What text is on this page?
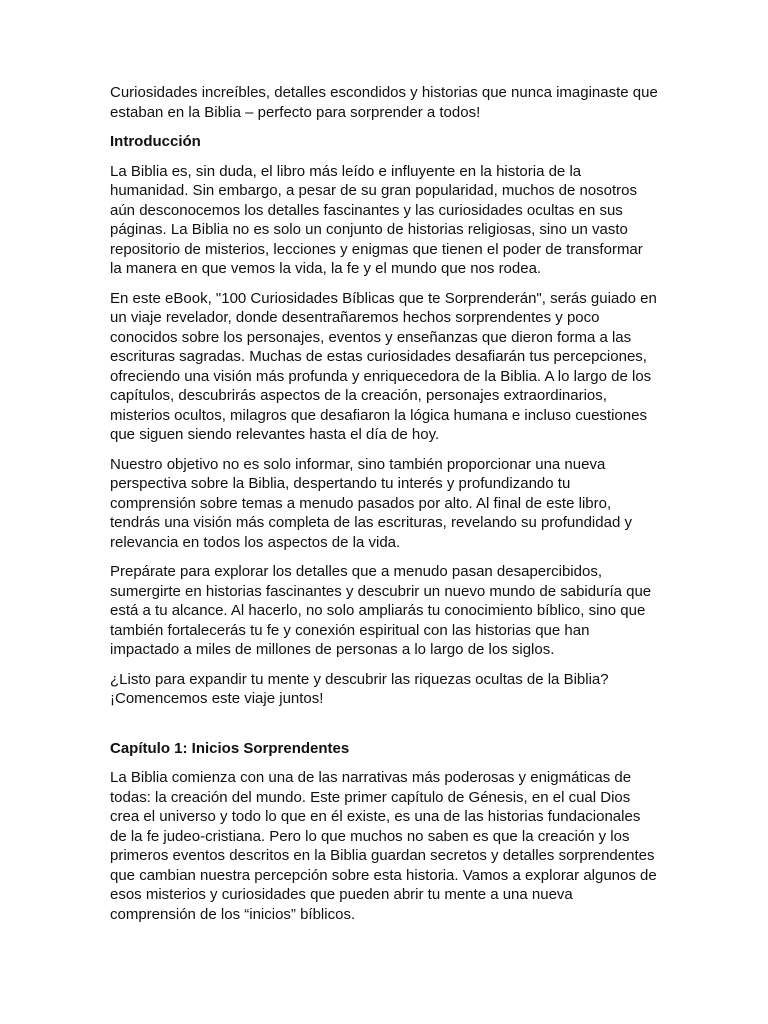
Curiosidades increíbles, detalles escondidos y historias que nunca imaginaste que estaban en la Biblia – perfecto para sorprender a todos!

Introducción

La Biblia es, sin duda, el libro más leído e influyente en la historia de la humanidad. Sin embargo, a pesar de su gran popularidad, muchos de nosotros aún desconocemos los detalles fascinantes y las curiosidades ocultas en sus páginas. La Biblia no es solo un conjunto de historias religiosas, sino un vasto repositorio de misterios, lecciones y enigmas que tienen el poder de transformar la manera en que vemos la vida, la fe y el mundo que nos rodea.

En este eBook, "100 Curiosidades Bíblicas que te Sorprenderán", serás guiado en un viaje revelador, donde desentrañaremos hechos sorprendentes y poco conocidos sobre los personajes, eventos y enseñanzas que dieron forma a las escrituras sagradas. Muchas de estas curiosidades desafiarán tus percepciones, ofreciendo una visión más profunda y enriquecedora de la Biblia. A lo largo de los capítulos, descubrirás aspectos de la creación, personajes extraordinarios, misterios ocultos, milagros que desafiaron la lógica humana e incluso cuestiones que siguen siendo relevantes hasta el día de hoy.

Nuestro objetivo no es solo informar, sino también proporcionar una nueva perspectiva sobre la Biblia, despertando tu interés y profundizando tu comprensión sobre temas a menudo pasados por alto. Al final de este libro, tendrás una visión más completa de las escrituras, revelando su profundidad y relevancia en todos los aspectos de la vida.

Prepárate para explorar los detalles que a menudo pasan desapercibidos, sumergirte en historias fascinantes y descubrir un nuevo mundo de sabiduría que está a tu alcance. Al hacerlo, no solo ampliarás tu conocimiento bíblico, sino que también fortalecerás tu fe y conexión espiritual con las historias que han impactado a miles de millones de personas a lo largo de los siglos.

¿Listo para expandir tu mente y descubrir las riquezas ocultas de la Biblia? ¡Comencemos este viaje juntos!

Capítulo 1: Inicios Sorprendentes

La Biblia comienza con una de las narrativas más poderosas y enigmáticas de todas: la creación del mundo. Este primer capítulo de Génesis, en el cual Dios crea el universo y todo lo que en él existe, es una de las historias fundacionales de la fe judeo-cristiana. Pero lo que muchos no saben es que la creación y los primeros eventos descritos en la Biblia guardan secretos y detalles sorprendentes que cambian nuestra percepción sobre esta historia. Vamos a explorar algunos de esos misterios y curiosidades que pueden abrir tu mente a una nueva comprensión de los “inicios” bíblicos.
